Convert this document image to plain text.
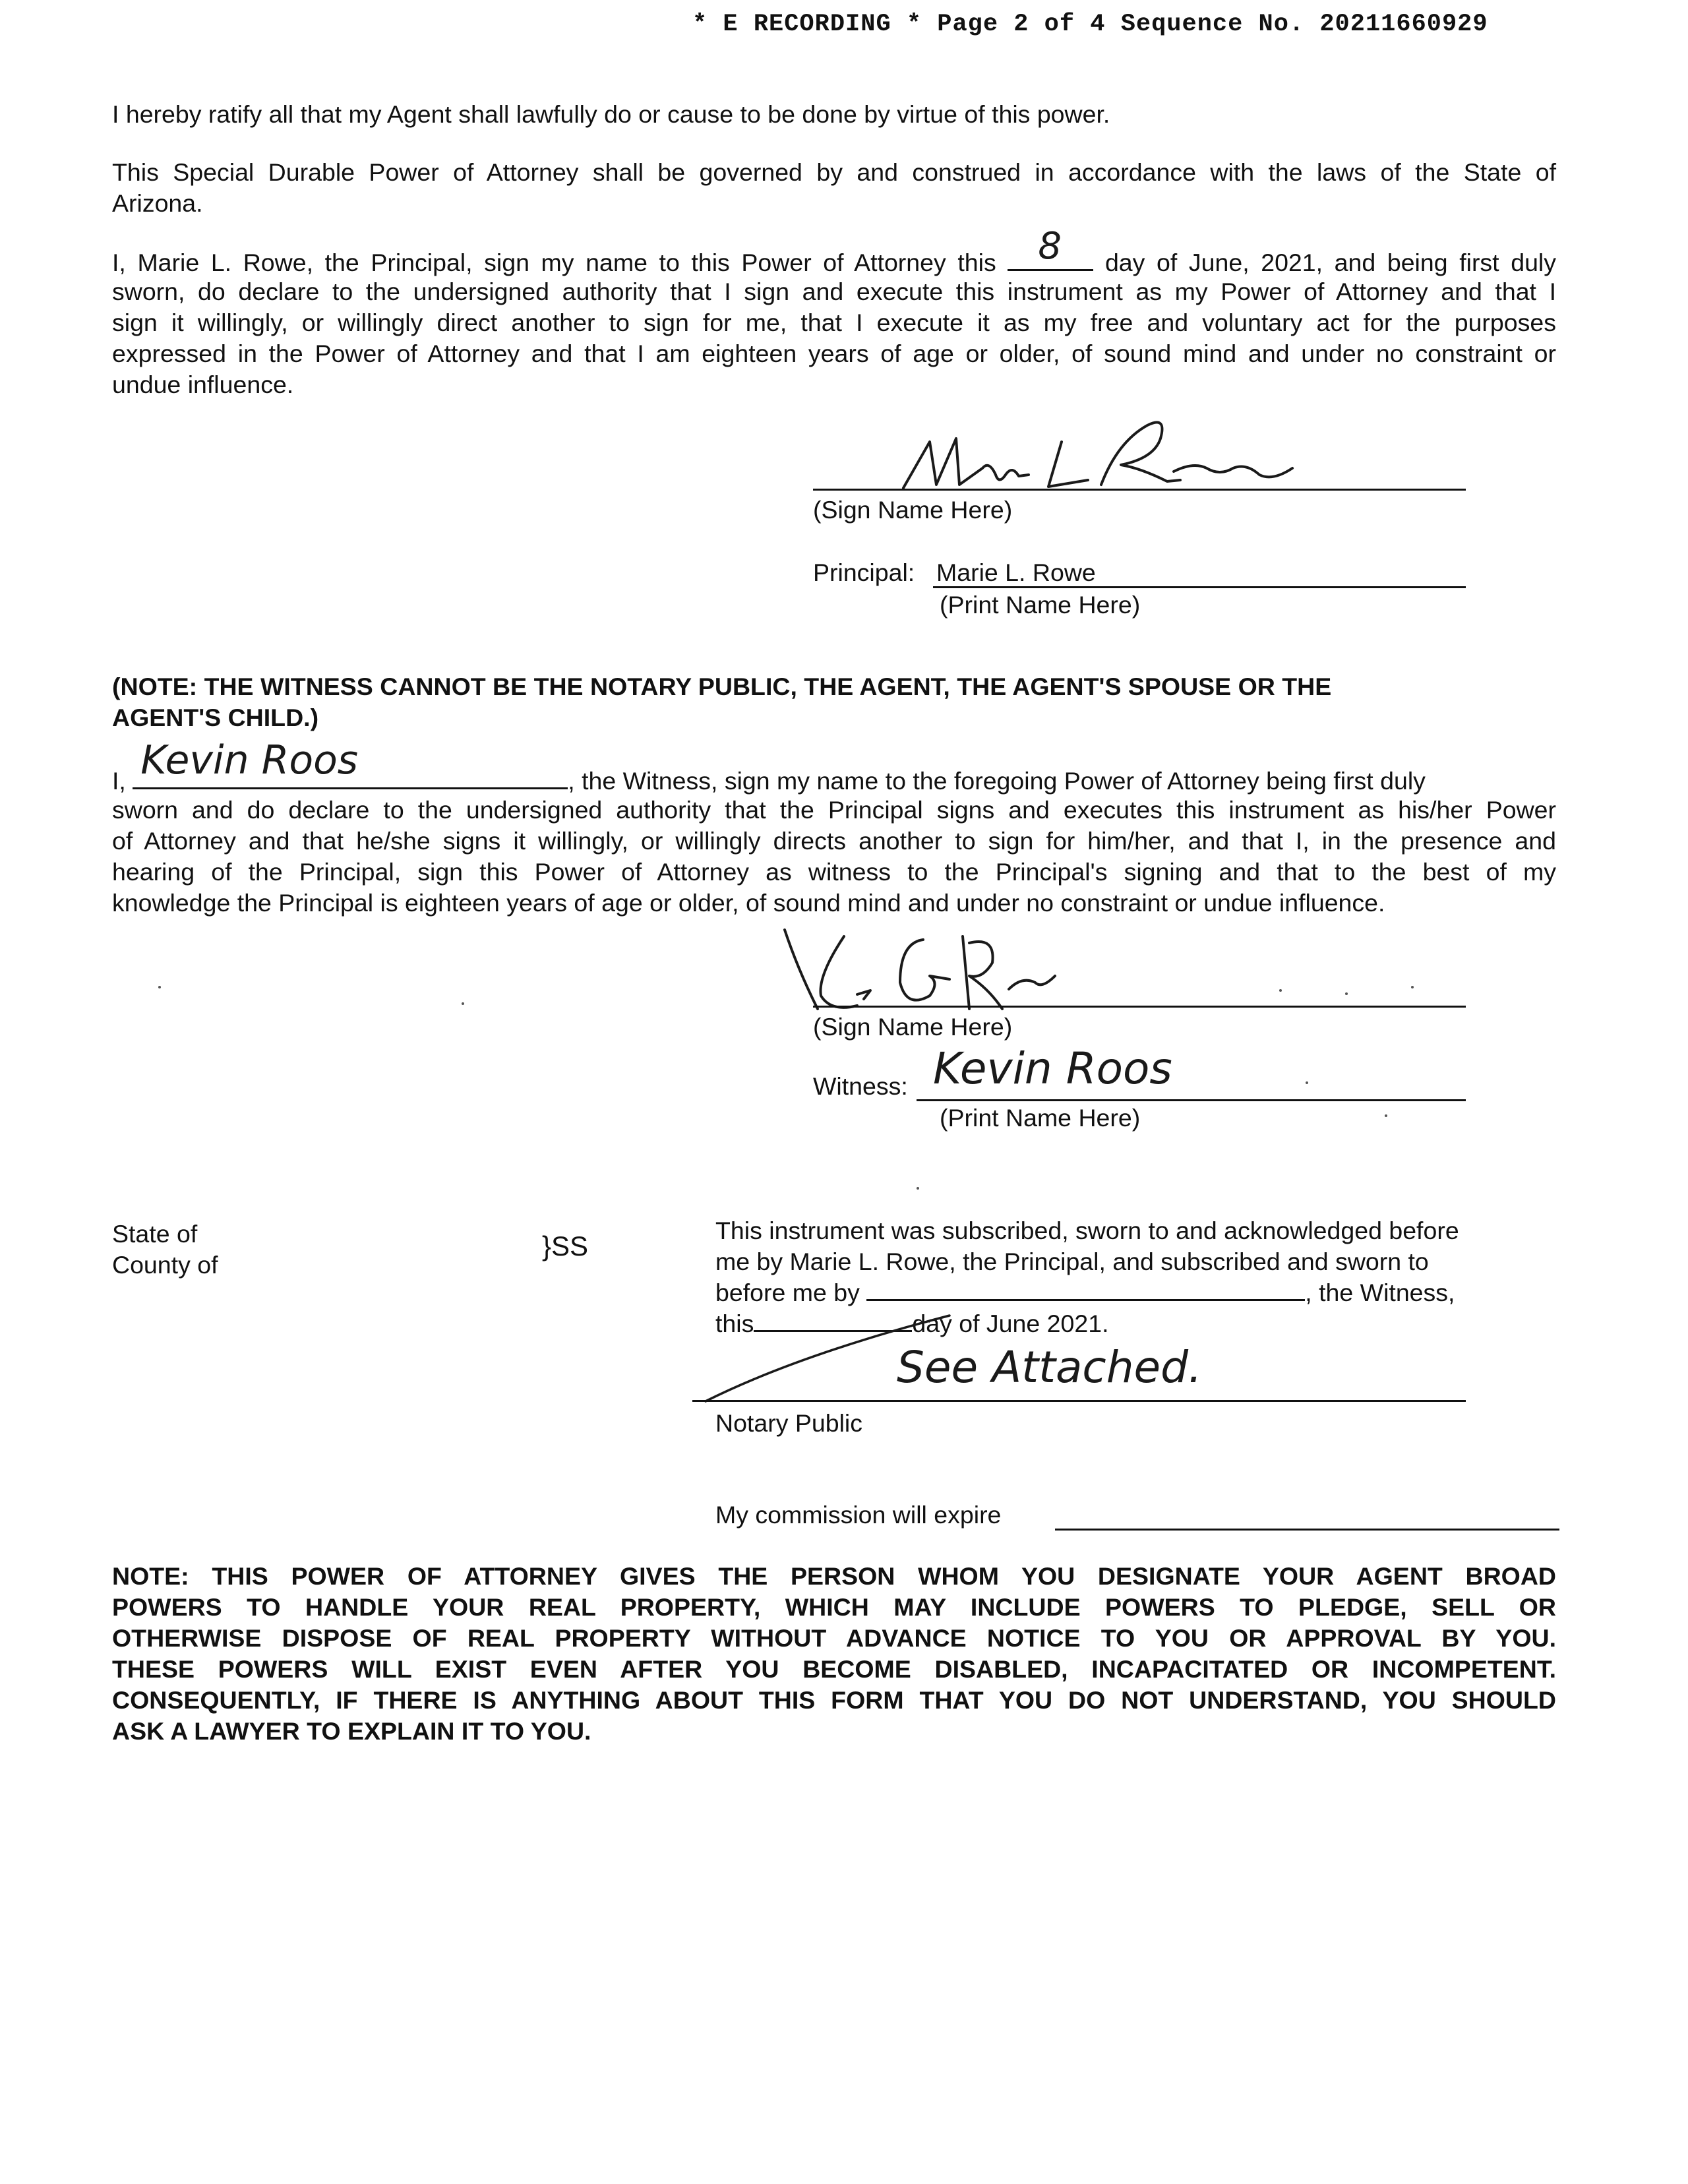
* E RECORDING * Page 2 of 4 Sequence No. 20211660929
I hereby ratify all that my Agent shall lawfully do or cause to be done by virtue of this power.
This Special Durable Power of Attorney shall be governed by and construed in accordance with the laws of the State of
Arizona.
I, Marie L. Rowe, the Principal, sign my name to this Power of Attorney this 8 day of June, 2021, and being first duly
sworn, do declare to the undersigned authority that I sign and execute this instrument as my Power of Attorney and that I
sign it willingly, or willingly direct another to sign for me, that I execute it as my free and voluntary act for the purposes
expressed in the Power of Attorney and that I am eighteen years of age or older, of sound mind and under no constraint or
undue influence.
(Sign Name Here)
Principal: Marie L. Rowe
(Print Name Here)
(NOTE: THE WITNESS CANNOT BE THE NOTARY PUBLIC, THE AGENT, THE AGENT'S SPOUSE OR THE
AGENT'S CHILD.)
I, Kevin Roos	, the Witness, sign my name to the foregoing Power of Attorney being first duly
sworn and do declare to the undersigned authority that the Principal signs and executes this instrument as his/her Power
of Attorney and that he/she signs it willingly, or willingly directs another to sign for him/her, and that I, in the presence and
hearing of the Principal, sign this Power of Attorney as witness to the Principal's signing and that to the best of my
knowledge the Principal is eighteen years of age or older, of sound mind and under no constraint or undue influence.
(Sign Name Here)
Witness: Kevin Roos
(Print Name Here)
State of
County of
}SS	This instrument was subscribed, sworn to and acknowledged before
me by Marie L. Rowe, the Principal, and subscribed and sworn to
before me by	, the Witness,
this	day of June 2021.
See Attached.
Notary Public
My commission will expire
NOTE: THIS POWER OF ATTORNEY GIVES THE PERSON WHOM YOU DESIGNATE YOUR AGENT BROAD
POWERS TO HANDLE YOUR REAL PROPERTY, WHICH MAY INCLUDE POWERS TO PLEDGE, SELL OR
OTHERWISE DISPOSE OF REAL PROPERTY WITHOUT ADVANCE NOTICE TO YOU OR APPROVAL BY YOU.
THESE POWERS WILL EXIST EVEN AFTER YOU BECOME DISABLED, INCAPACITATED OR INCOMPETENT.
CONSEQUENTLY, IF THERE IS ANYTHING ABOUT THIS FORM THAT YOU DO NOT UNDERSTAND, YOU SHOULD
ASK A LAWYER TO EXPLAIN IT TO YOU.
